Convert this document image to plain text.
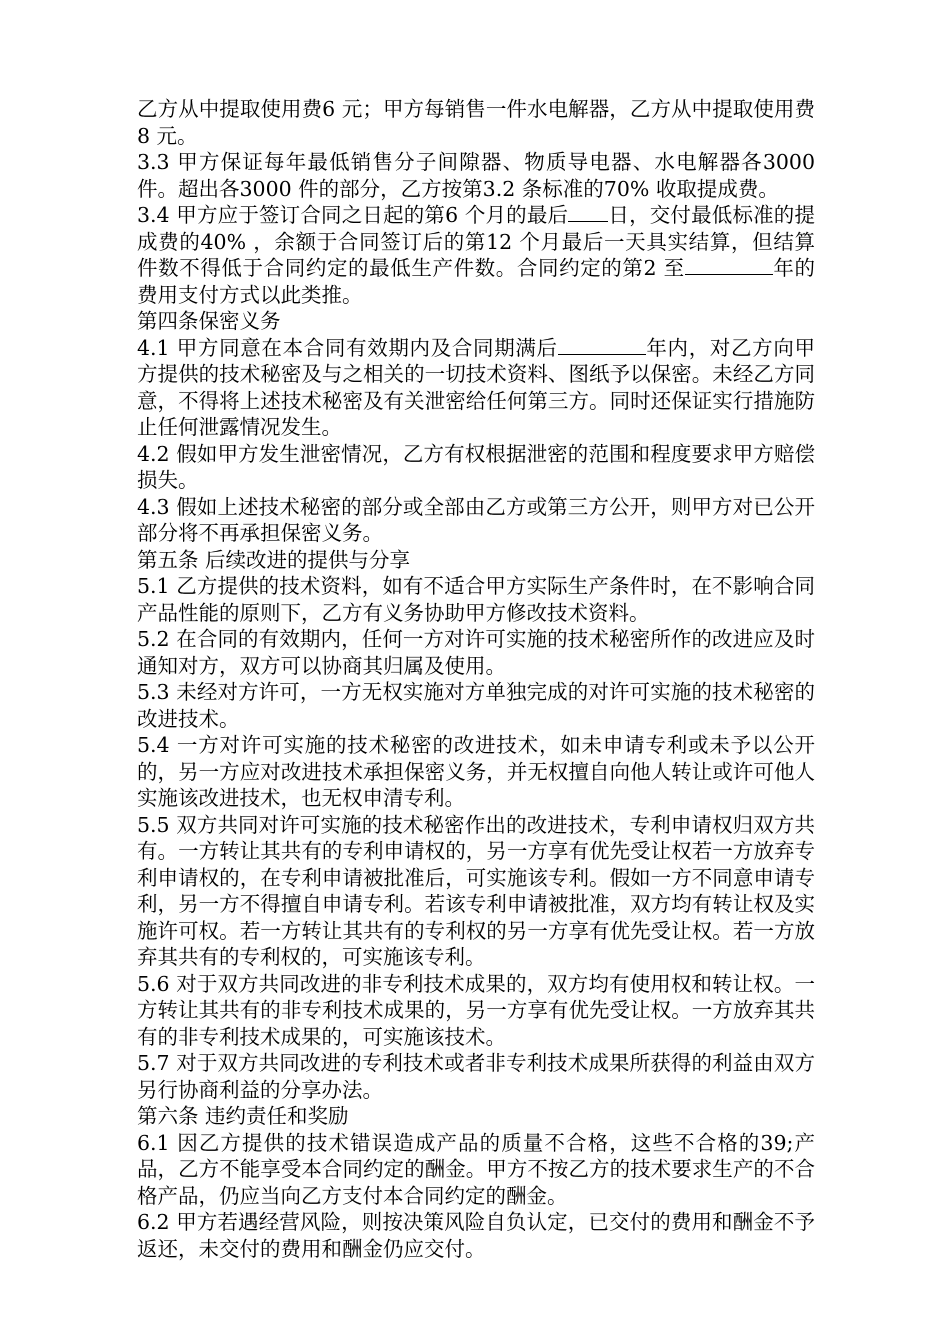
乙方从中提取使用费6 元；甲方每销售一件水电解器，乙方从中提取使用费8 元。

3.3 甲方保证每年最低销售分子间隙器、物质导电器、水电解器各3000 件。超出各3000 件的部分，乙方按第3.2 条标准的70% 收取提成费。

3.4 甲方应于签订合同之日起的第6 个月的最后 日，交付最低标准的提成费的40% ，余额于合同签订后的第12 个月最后一天具实结算，但结算件数不得低于合同约定的最低生产件数。合同约定的第2 至	年的费用支付方式以此类推。

第四条保密义务

4.1 甲方同意在本合同有效期内及合同期满后	年内，对乙方向甲方提供的技术秘密及与之相关的一切技术资料、图纸予以保密。未经乙方同意，不得将上述技术秘密及有关泄密给任何第三方。同时还保证实行措施防止任何泄露情况发生。

4.2 假如甲方发生泄密情况，乙方有权根据泄密的范围和程度要求甲方赔偿损失。

4.3 假如上述技术秘密的部分或全部由乙方或第三方公开，则甲方对已公开部分将不再承担保密义务。

第五条 后续改进的提供与分享

5.1 乙方提供的技术资料，如有不适合甲方实际生产条件时，在不影响合同产品性能的原则下，乙方有义务协助甲方修改技术资料。

5.2 在合同的有效期内，任何一方对许可实施的技术秘密所作的改进应及时通知对方，双方可以协商其归属及使用。

5.3 未经对方许可，一方无权实施对方单独完成的对许可实施的技术秘密的改进技术。

5.4 一方对许可实施的技术秘密的改进技术，如未申请专利或未予以公开的，另一方应对改进技术承担保密义务，并无权擅自向他人转让或许可他人实施该改进技术，也无权申清专利。

5.5 双方共同对许可实施的技术秘密作出的改进技术，专利申请权归双方共有。一方转让其共有的专利申请权的，另一方享有优先受让权若一方放弃专利申请权的，在专利申请被批准后，可实施该专利。假如一方不同意申请专利，另一方不得擅自申请专利。若该专利申请被批准，双方均有转让权及实施许可权。若一方转让其共有的专利权的另一方享有优先受让权。若一方放弃其共有的专利权的，可实施该专利。

5.6 对于双方共同改进的非专利技术成果的，双方均有使用权和转让权。一方转让其共有的非专利技术成果的，另一方享有优先受让权。一方放弃其共有的非专利技术成果的，可实施该技术。

5.7 对于双方共同改进的专利技术或者非专利技术成果所获得的利益由双方另行协商利益的分享办法。

第六条 违约责任和奖励

6.1 因乙方提供的技术错误造成产品的质量不合格，这些不合格的39;产品，乙方不能享受本合同约定的酬金。甲方不按乙方的技术要求生产的不合格产品，仍应当向乙方支付本合同约定的酬金。

6.2 甲方若遇经营风险，则按决策风险自负认定，已交付的费用和酬金不予返还，未交付的费用和酬金仍应交付。
